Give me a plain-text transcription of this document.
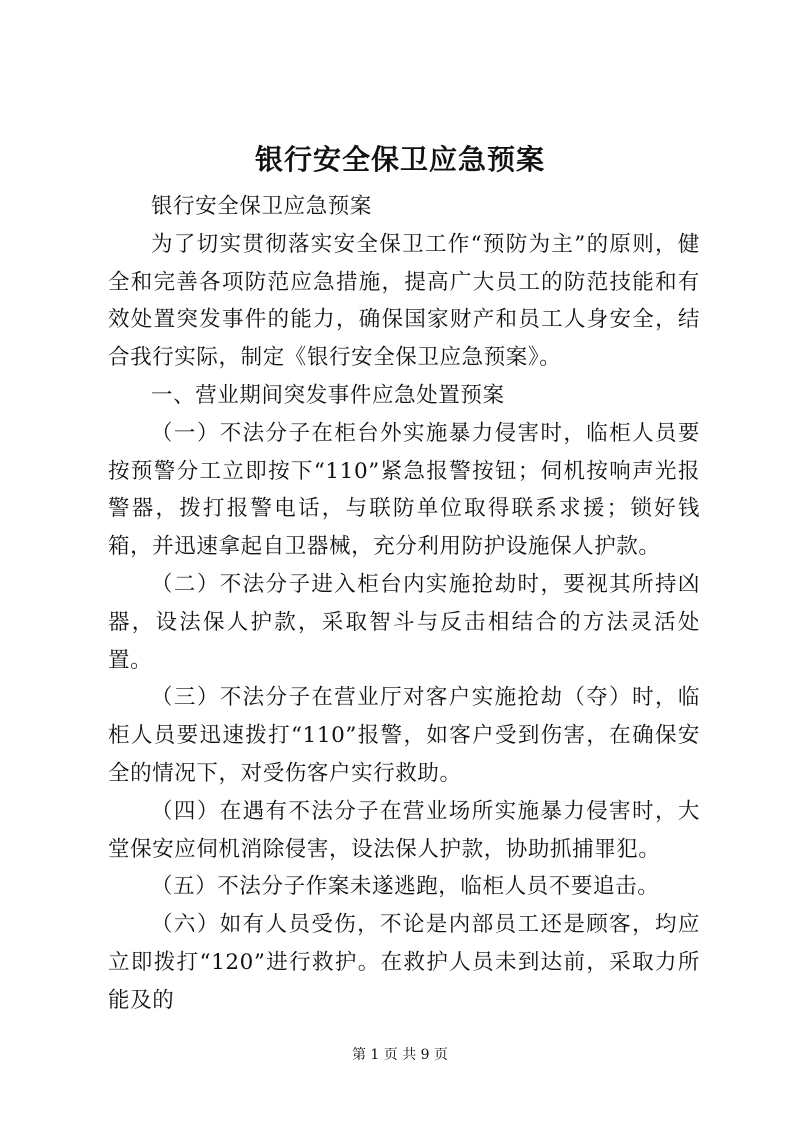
银行安全保卫应急预案

银行安全保卫应急预案

为了切实贯彻落实安全保卫工作“预防为主”的原则，健全和完善各项防范应急措施，提高广大员工的防范技能和有效处置突发事件的能力，确保国家财产和员工人身安全，结合我行实际，制定《银行安全保卫应急预案》。

一、营业期间突发事件应急处置预案

（一）不法分子在柜台外实施暴力侵害时，临柜人员要按预警分工立即按下“110”紧急报警按钮；伺机按响声光报警器，拨打报警电话，与联防单位取得联系求援；锁好钱箱，并迅速拿起自卫器械，充分利用防护设施保人护款。

（二）不法分子进入柜台内实施抢劫时，要视其所持凶器，设法保人护款，采取智斗与反击相结合的方法灵活处置。

（三）不法分子在营业厅对客户实施抢劫（夺）时，临柜人员要迅速拨打“110”报警，如客户受到伤害，在确保安全的情况下，对受伤客户实行救助。

（四）在遇有不法分子在营业场所实施暴力侵害时，大堂保安应伺机消除侵害，设法保人护款，协助抓捕罪犯。

（五）不法分子作案未遂逃跑，临柜人员不要追击。

（六）如有人员受伤，不论是内部员工还是顾客，均应立即拨打“120”进行救护。在救护人员未到达前，采取力所能及的

第 1 页 共 9 页
